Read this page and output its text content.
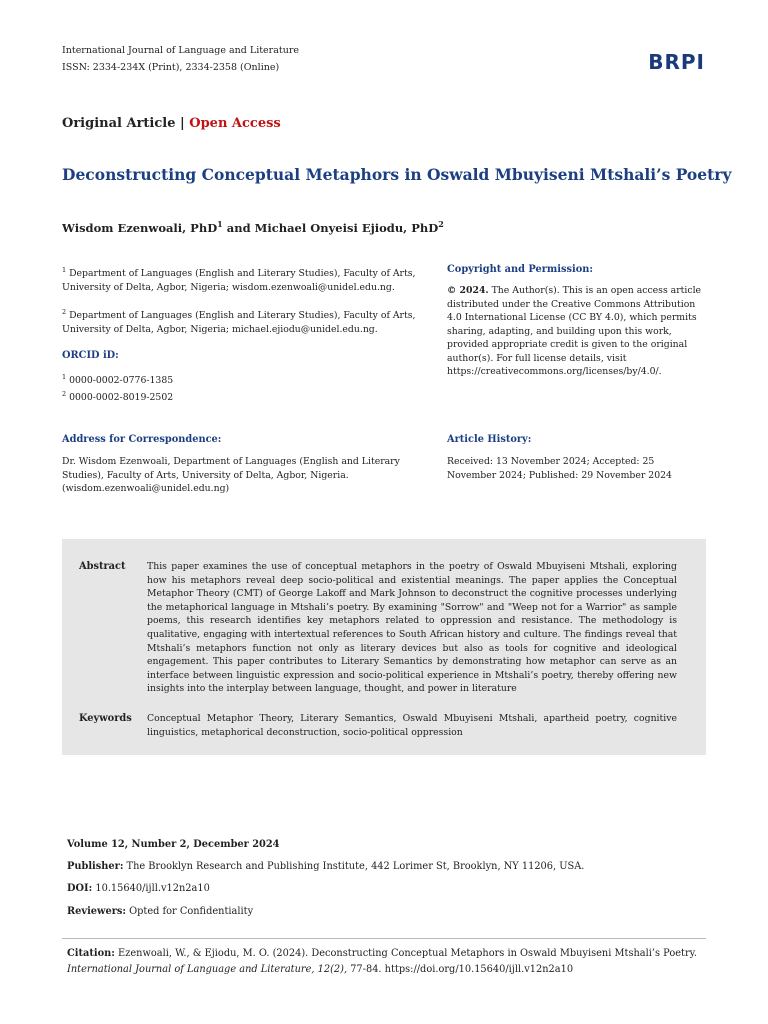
International Journal of Language and Literature
ISSN: 2334-234X (Print), 2334-2358 (Online)	BRPI
Original Article | Open Access
Deconstructing Conceptual Metaphors in Oswald Mbuyiseni Mtshali’s Poetry
Wisdom Ezenwoali, PhD$^1$ and Michael Onyeisi Ejiodu, PhD$^2$
$^1$ Department of Languages (English and Literary Studies), Faculty of Arts,
University of Delta, Agbor, Nigeria; wisdom.ezenwoali@unidel.edu.ng.
$^2$ Department of Languages (English and Literary Studies), Faculty of Arts,
University of Delta, Agbor, Nigeria; michael.ejiodu@unidel.edu.ng.
ORCID iD:
$^1$ 0000-0002-0776-1385
$^2$ 0000-0002-8019-2502
Copyright and Permission:
© 2024. The Author(s). This is an open access article
distributed under the Creative Commons Attribution
4.0 International License (CC BY 4.0), which permits
sharing, adapting, and building upon this work,
provided appropriate credit is given to the original
author(s). For full license details, visit
https://creativecommons.org/licenses/by/4.0/.
Address for Correspondence:
Dr. Wisdom Ezenwoali, Department of Languages (English and Literary
Studies), Faculty of Arts, University of Delta, Agbor, Nigeria.
(wisdom.ezenwoali@unidel.edu.ng)
Article History:
Received: 13 November 2024; Accepted: 25
November 2024; Published: 29 November 2024
Abstract This paper examines the use of conceptual metaphors in the poetry of Oswald Mbuyiseni Mtshali, exploring how his metaphors reveal deep socio-political and existential meanings. The paper applies the Conceptual Metaphor Theory (CMT) of George Lakoff and Mark Johnson to deconstruct the cognitive processes underlying the metaphorical language in Mtshali’s poetry. By examining "Sorrow" and "Weep not for a Warrior" as sample poems, this research identifies key metaphors related to oppression and resistance. The methodology is qualitative, engaging with intertextual references to South African history and culture. The findings reveal that Mtshali’s metaphors function not only as literary devices but also as tools for cognitive and ideological engagement. This paper contributes to Literary Semantics by demonstrating how metaphor can serve as an interface between linguistic expression and socio-political experience in Mtshali’s poetry, thereby offering new insights into the interplay between language, thought, and power in literature
Keywords Conceptual Metaphor Theory, Literary Semantics, Oswald Mbuyiseni Mtshali, apartheid poetry, cognitive linguistics, metaphorical deconstruction, socio-political oppression
Volume 12, Number 2, December 2024
Publisher: The Brooklyn Research and Publishing Institute, 442 Lorimer St, Brooklyn, NY 11206, USA.
DOI: 10.15640/ijll.v12n2a10
Reviewers: Opted for Confidentiality
Citation: Ezenwoali, W., & Ejiodu, M. O. (2024). Deconstructing Conceptual Metaphors in Oswald Mbuyiseni Mtshali’s Poetry.
International Journal of Language and Literature, 12(2), 77-84. https://doi.org/10.15640/ijll.v12n2a10
